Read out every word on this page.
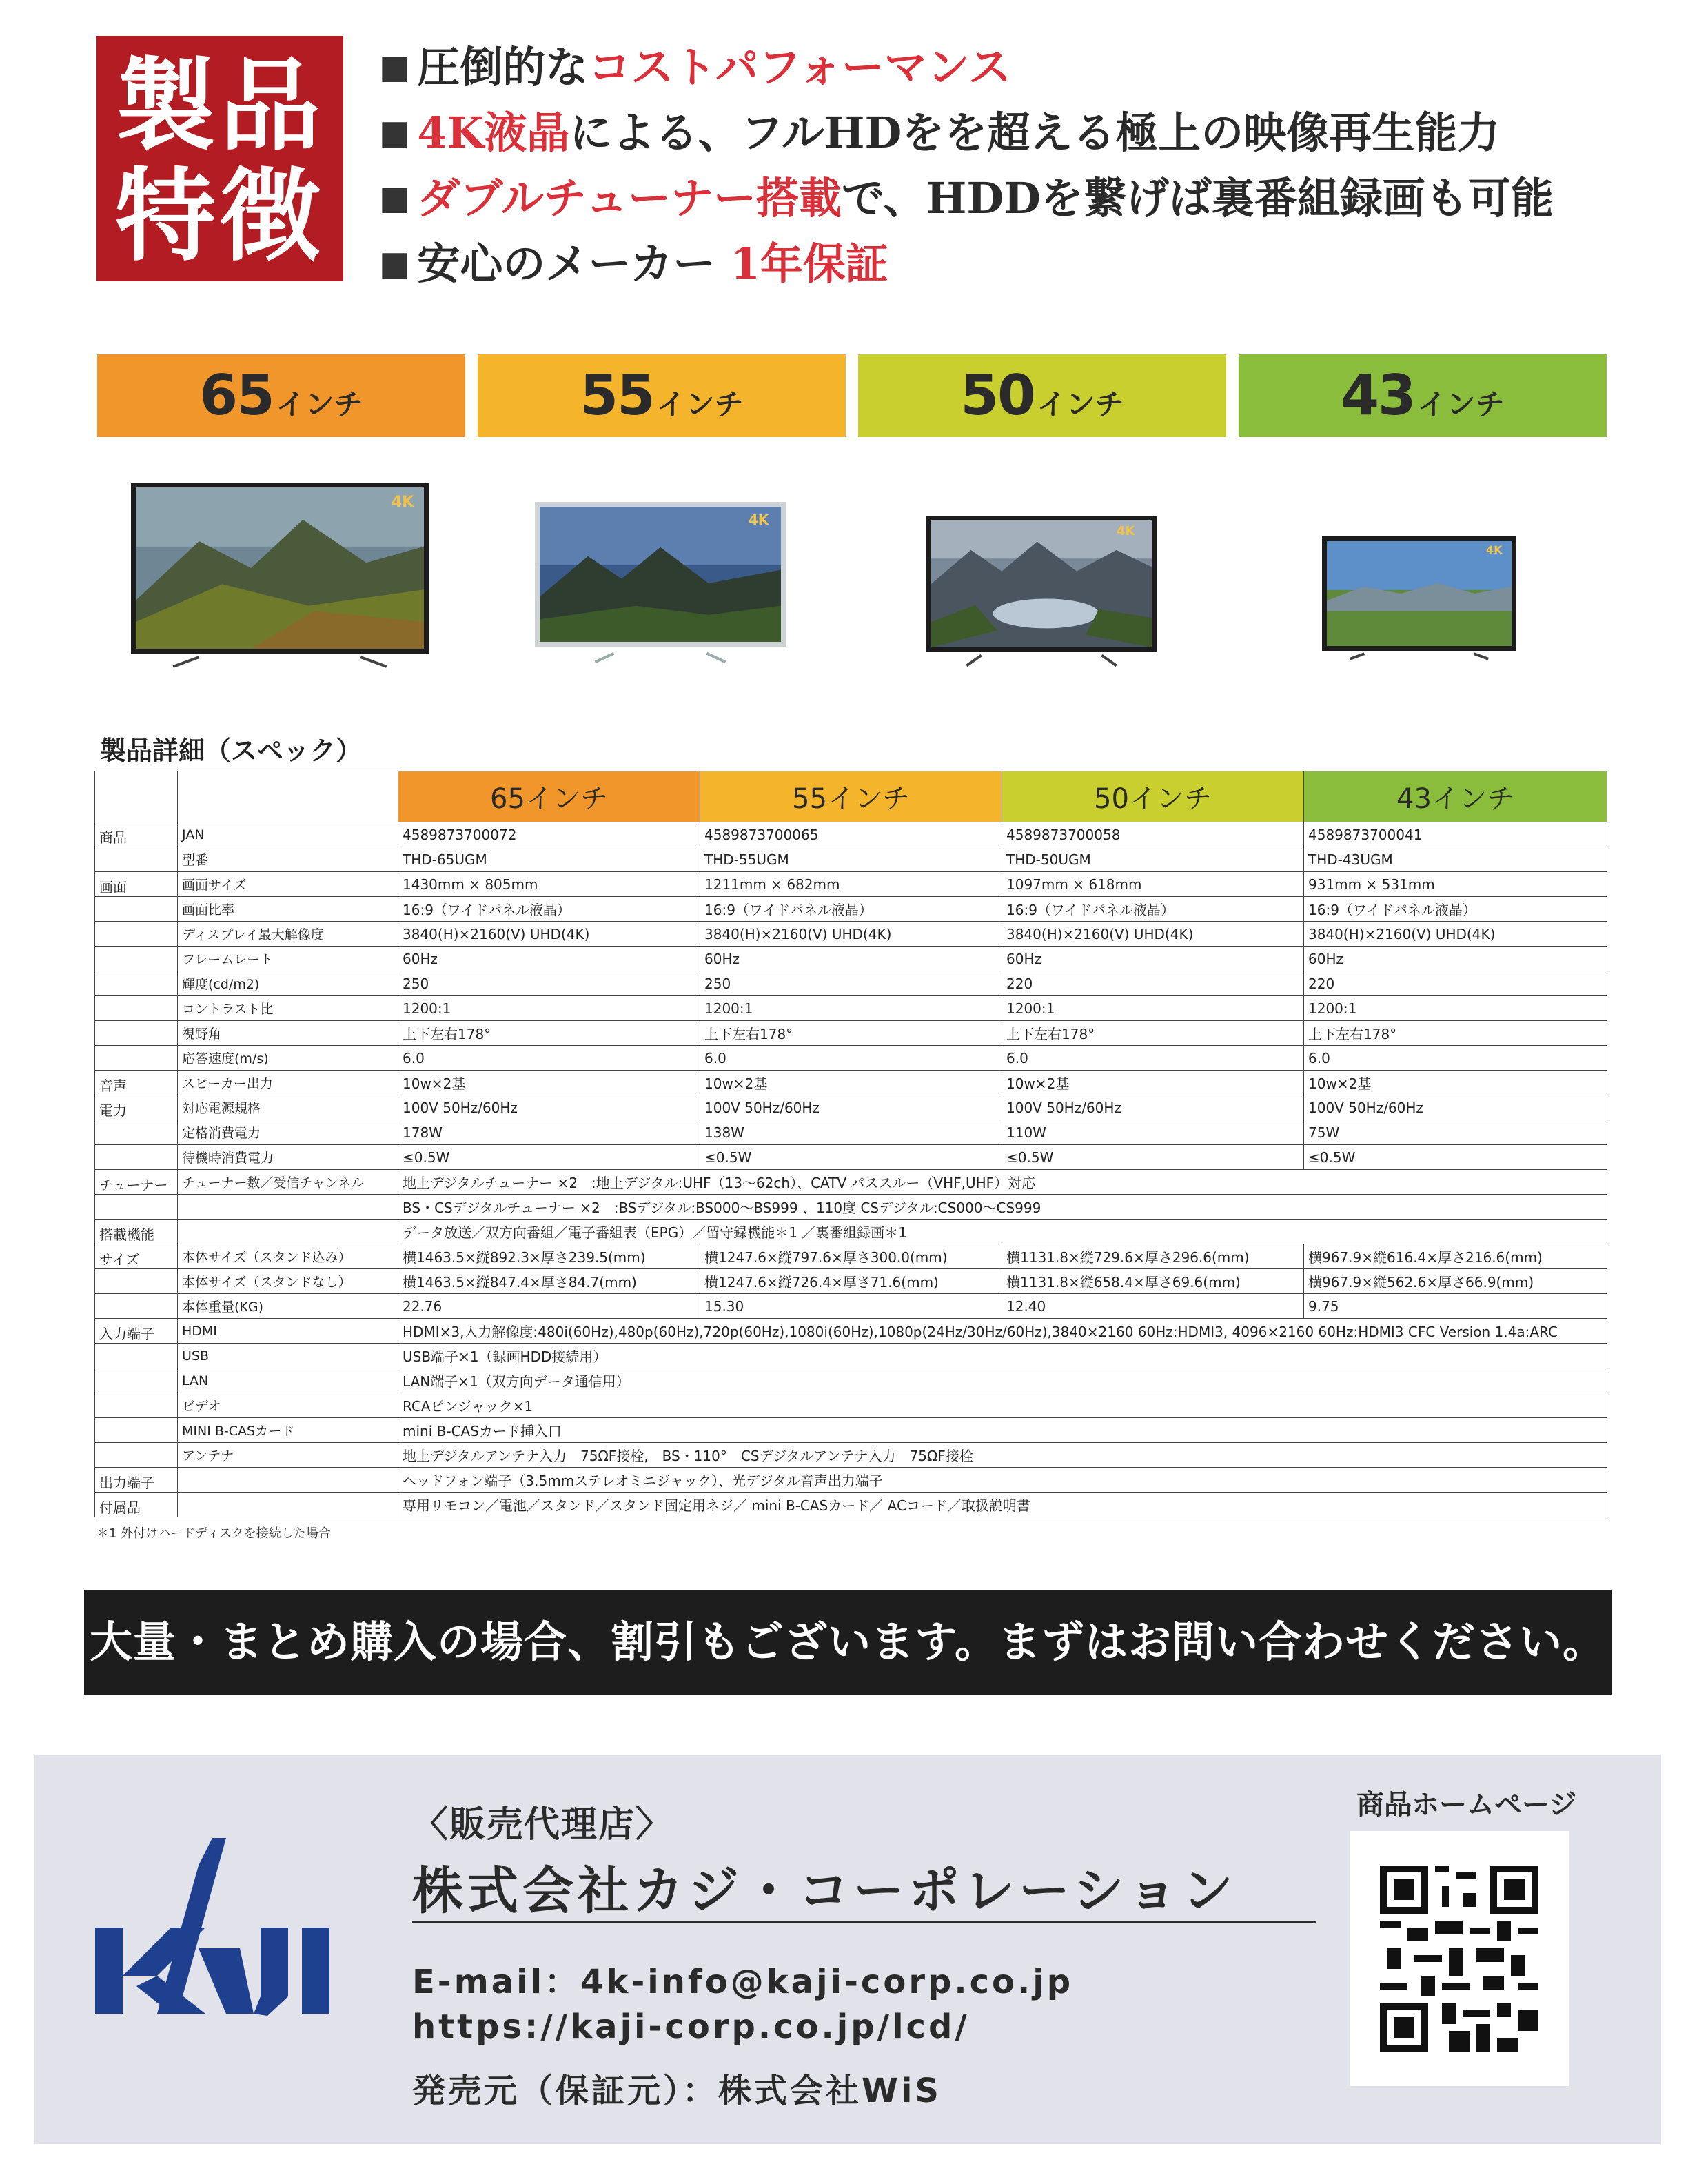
製品
特徴
■ 圧倒的なコストパフォーマンス
■ 4K液晶による、フルHDをを超える極上の映像再生能力
■ ダブルチューナー搭載で、HDDを繋げば裏番組録画も可能
■ 安心のメーカー 1年保証
65インチ	55インチ	50インチ	43インチ
4K
4K
4K
4K
製品詳細（スペック）
		65インチ	55インチ	50インチ	43インチ
商品	JAN	4589873700072	4589873700065	4589873700058	4589873700041
	型番	THD-65UGM	THD-55UGM	THD-50UGM	THD-43UGM
画面	画面サイズ	1430mm × 805mm	1211mm × 682mm	1097mm × 618mm	931mm × 531mm
	画面比率	16:9（ワイドパネル液晶）	16:9（ワイドパネル液晶）	16:9（ワイドパネル液晶）	16:9（ワイドパネル液晶）
	ディスプレイ最大解像度	3840(H)×2160(V) UHD(4K)	3840(H)×2160(V) UHD(4K)	3840(H)×2160(V) UHD(4K)	3840(H)×2160(V) UHD(4K)
	フレームレート	60Hz	60Hz	60Hz	60Hz
	輝度(cd/m2)	250	250	220	220
	コントラスト比	1200:1	1200:1	1200:1	1200:1
	視野角	上下左右178°	上下左右178°	上下左右178°	上下左右178°
	応答速度(m/s)	6.0	6.0	6.0	6.0
音声	スピーカー出力	10w×2基	10w×2基	10w×2基	10w×2基
電力	対応電源規格	100V 50Hz/60Hz	100V 50Hz/60Hz	100V 50Hz/60Hz	100V 50Hz/60Hz
	定格消費電力	178W	138W	110W	75W
	待機時消費電力	≤0.5W	≤0.5W	≤0.5W	≤0.5W
チューナー	チューナー数／受信チャンネル	地上デジタルチューナー ×2　:地上デジタル:UHF（13～62ch）、CATV パススルー（VHF,UHF）対応			
		BS・CSデジタルチューナー ×2　:BSデジタル:BS000～BS999 、110度 CSデジタル:CS000～CS999			
搭載機能		データ放送／双方向番組／電子番組表（EPG）／留守録機能＊1 ／裏番組録画＊1			
サイズ	本体サイズ（スタンド込み）	横1463.5×縦892.3×厚さ239.5(mm)	横1247.6×縦797.6×厚さ300.0(mm)	横1131.8×縦729.6×厚さ296.6(mm)	横967.9×縦616.4×厚さ216.6(mm)
	本体サイズ（スタンドなし）	横1463.5×縦847.4×厚さ84.7(mm)	横1247.6×縦726.4×厚さ71.6(mm)	横1131.8×縦658.4×厚さ69.6(mm)	横967.9×縦562.6×厚さ66.9(mm)
	本体重量(KG)	22.76	15.30	12.40	9.75
入力端子	HDMI	HDMI×3,入力解像度:480i(60Hz),480p(60Hz),720p(60Hz),1080i(60Hz),1080p(24Hz/30Hz/60Hz),3840×2160 60Hz:HDMI3, 4096×2160 60Hz:HDMI3 CFC Version 1.4a:ARC			
	USB	USB端子×1（録画HDD接続用）			
	LAN	LAN端子×1（双方向データ通信用）			
	ビデオ	RCAピンジャック×1			
	MINI B-CASカード	mini B-CASカード挿入口			
	アンテナ	地上デジタルアンテナ入力　75ΩF接栓,　BS・110°　CSデジタルアンテナ入力　75ΩF接栓			
出力端子		ヘッドフォン端子（3.5mmステレオミニジャック）、光デジタル音声出力端子			
付属品		専用リモコン／電池／スタンド／スタンド固定用ネジ／ mini B-CASカード／ ACコード／取扱説明書			
＊1 外付けハードディスクを接続した場合
大量・まとめ購入の場合、割引もございます。まずはお問い合わせください。
〈販売代理店〉
株式会社カジ・コーポレーション
E-mail：4k-info@kaji-corp.co.jp
https://kaji-corp.co.jp/lcd/
発売元（保証元）：株式会社WiS
商品ホームページ
